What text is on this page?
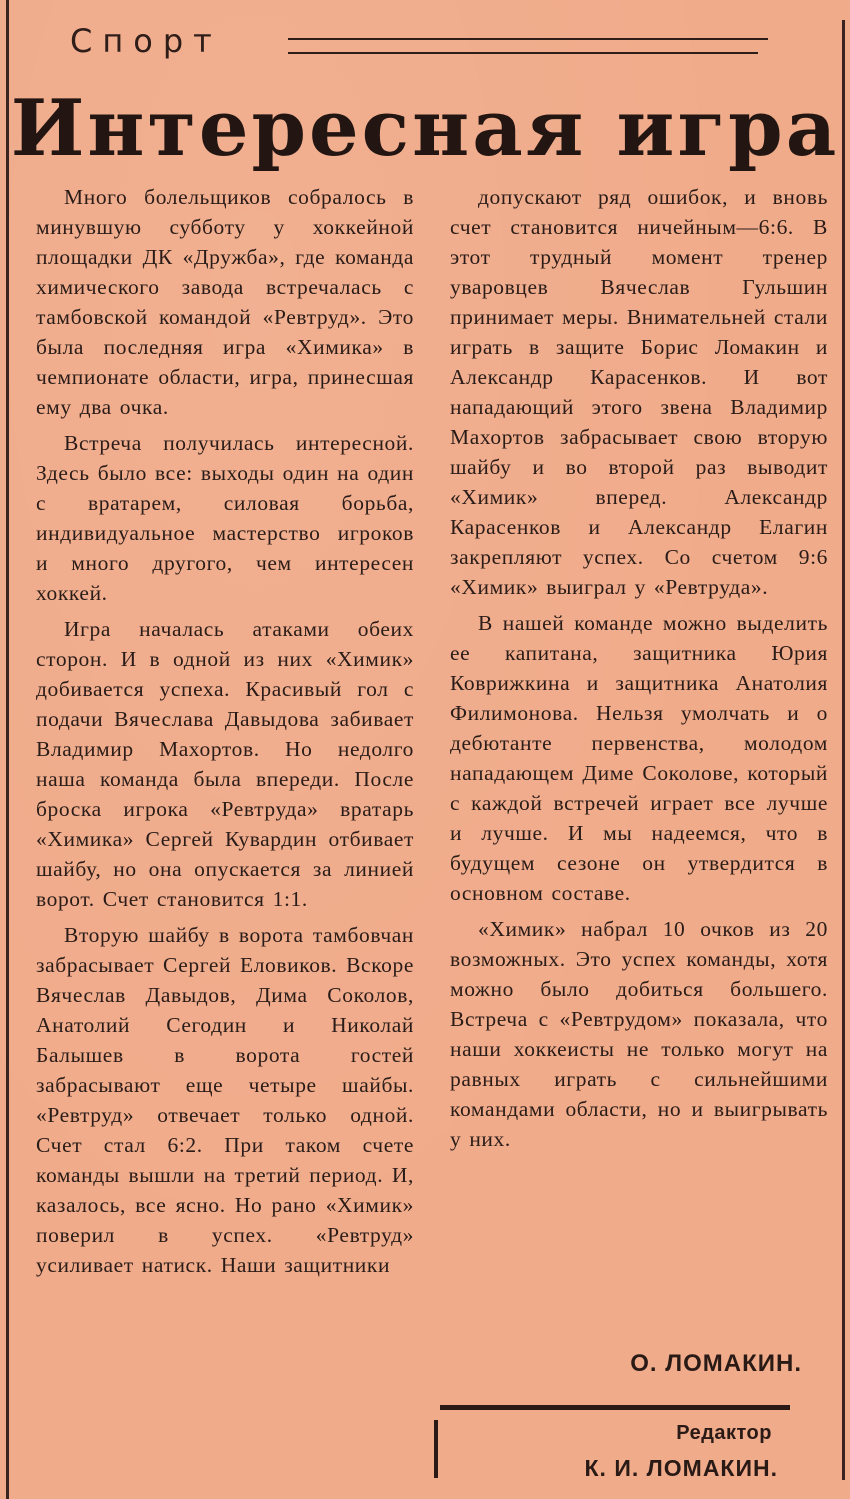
Спорт
Интересная игра

Много болельщиков собралось в минувшую субботу у хоккейной площадки ДК «Дружба», где команда химического завода встречалась с тамбовской командой «Ревтруд». Это была последняя игра «Химика» в чемпионате области, игра, принесшая ему два очка.

Встреча получилась интересной. Здесь было все: выходы один на один с вратарем, силовая борьба, индивидуальное мастерство игроков и много другого, чем интересен хоккей.

Игра началась атаками обеих сторон. И в одной из них «Химик» добивается успеха. Красивый гол с подачи Вячеслава Давыдова забивает Владимир Махортов. Но недолго наша команда была впереди. После броска игрока «Ревтруда» вратарь «Химика» Сергей Кувардин отбивает шайбу, но она опускается за линией ворот. Счет становится 1:1.

Вторую шайбу в ворота тамбовчан забрасывает Сергей Еловиков. Вскоре Вячеслав Давыдов, Дима Соколов, Анатолий Сегодин и Николай Балышев в ворота гостей забрасывают еще четыре шайбы. «Ревтруд» отвечает только одной. Счет стал 6:2. При таком счете команды вышли на третий период. И, казалось, все ясно. Но рано «Химик» поверил в успех. «Ревтруд» усиливает натиск. Наши защитники

допускают ряд ошибок, и вновь счет становится ничейным—6:6. В этот трудный момент тренер уваровцев Вячеслав Гульшин принимает меры. Внимательней стали играть в защите Борис Ломакин и Александр Карасенков. И вот нападающий этого звена Владимир Махортов забрасывает свою вторую шайбу и во второй раз выводит «Химик» вперед. Александр Карасенков и Александр Елагин закрепляют успех. Со счетом 9:6 «Химик» выиграл у «Ревтруда».

В нашей команде можно выделить ее капитана, защитника Юрия Коврижкина и защитника Анатолия Филимонова. Нельзя умолчать и о дебютанте первенства, молодом нападающем Диме Соколове, который с каждой встречей играет все лучше и лучше. И мы надеемся, что в будущем сезоне он утвердится в основном составе.

«Химик» набрал 10 очков из 20 возможных. Это успех команды, хотя можно было добиться большего. Встреча с «Ревтрудом» показала, что наши хоккеисты не только могут на равных играть с сильнейшими командами области, но и выигрывать у них.

О. ЛОМАКИН.
Редактор
К. И. ЛОМАКИН.
